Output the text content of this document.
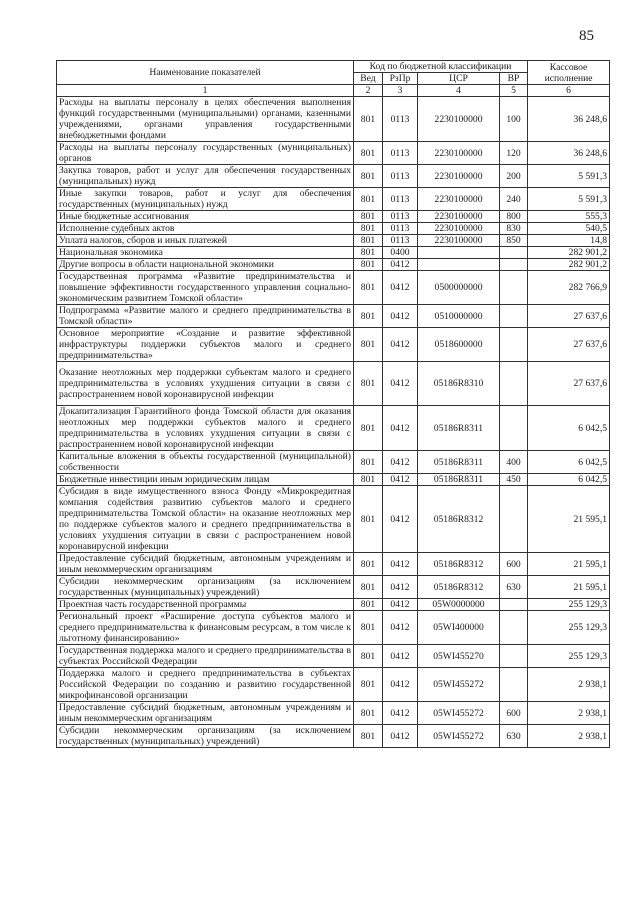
85
Наименование показателей	Код по бюджетной классификации				Кассовое исполнение
	Вед	РзПр	ЦСР	ВР	
1	2	3	4	5	6
Расходы на выплаты персоналу в целях обеспечения выполнения функций государственными (муниципальными) органами, казенными учреждениями, органами управления государственными внебюджетными фондами	801	0113	2230100000	100	36 248,6
Расходы на выплаты персоналу государственных (муниципальных) органов	801	0113	2230100000	120	36 248,6
Закупка товаров, работ и услуг для обеспечения государственных (муниципальных) нужд	801	0113	2230100000	200	5 591,3
Иные закупки товаров, работ и услуг для обеспечения государственных (муниципальных) нужд	801	0113	2230100000	240	5 591,3
Иные бюджетные ассигнования	801	0113	2230100000	800	555,3
Исполнение судебных актов	801	0113	2230100000	830	540,5
Уплата налогов, сборов и иных платежей	801	0113	2230100000	850	14,8
Национальная экономика	801	0400			282 901,2
Другие вопросы в области национальной экономики	801	0412			282 901,2
Государственная программа «Развитие предпринимательства и повышение эффективности государственного управления социально-экономическим развитием Томской области»	801	0412	0500000000		282 766,9
Подпрограмма «Развитие малого и среднего предпринимательства в Томской области»	801	0412	0510000000		27 637,6
Основное мероприятие «Создание и развитие эффективной инфраструктуры поддержки субъектов малого и среднего предпринимательства»	801	0412	0518600000		27 637,6
Оказание неотложных мер поддержки субъектам малого и среднего предпринимательства в условиях ухудшения ситуации в связи с распространением новой коронавирусной инфекции	801	0412	05186R8310		27 637,6
Докапитализация Гарантийного фонда Томской области для оказания неотложных мер поддержки субъектов малого и среднего предпринимательства в условиях ухудшения ситуации в связи с распространением новой коронавирусной инфекции	801	0412	05186R8311		6 042,5
Капитальные вложения в объекты государственной (муниципальной) собственности	801	0412	05186R8311	400	6 042,5
Бюджетные инвестиции иным юридическим лицам	801	0412	05186R8311	450	6 042,5
Субсидия в виде имущественного взноса Фонду «Микрокредитная компания содействия развитию субъектов малого и среднего предпринимательства Томской области» на оказание неотложных мер по поддержке субъектов малого и среднего предпринимательства в условиях ухудшения ситуации в связи с распространением новой коронавирусной инфекции	801	0412	05186R8312		21 595,1
Предоставление субсидий бюджетным, автономным учреждениям и иным некоммерческим организациям	801	0412	05186R8312	600	21 595,1
Субсидии некоммерческим организациям (за исключением государственных (муниципальных) учреждений)	801	0412	05186R8312	630	21 595,1
Проектная часть государственной программы	801	0412	05W0000000		255 129,3
Региональный проект «Расширение доступа субъектов малого и среднего предпринимательства к финансовым ресурсам, в том числе к льготному финансированию»	801	0412	05WI400000		255 129,3
Государственная поддержка малого и среднего предпринимательства в субъектах Российской Федерации	801	0412	05WI455270		255 129,3
Поддержка малого и среднего предпринимательства в субъектах Российской Федерации по созданию и развитию государственной микрофинансовой организации	801	0412	05WI455272		2 938,1
Предоставление субсидий бюджетным, автономным учреждениям и иным некоммерческим организациям	801	0412	05WI455272	600	2 938,1
Субсидии некоммерческим организациям (за исключением государственных (муниципальных) учреждений)	801	0412	05WI455272	630	2 938,1
